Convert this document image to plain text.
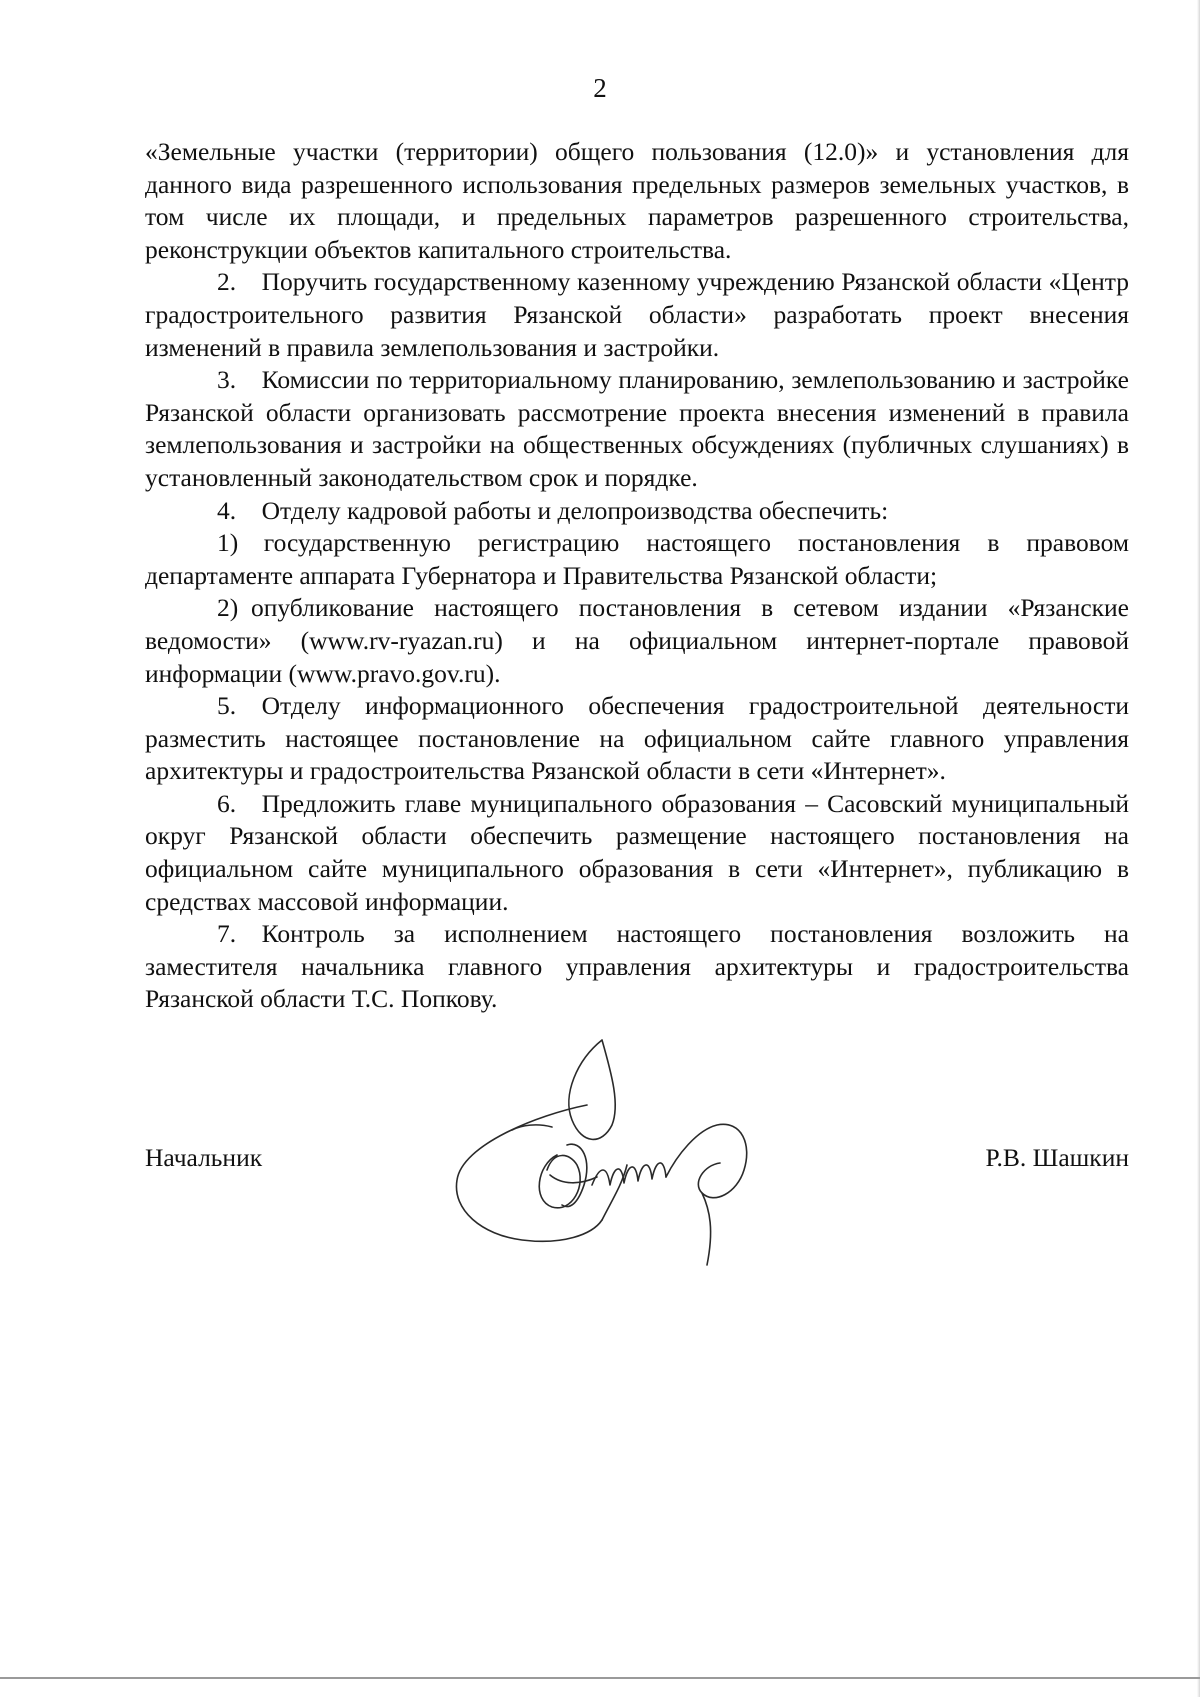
2

«Земельные участки (территории) общего пользования (12.0)» и установления для данного вида разрешенного использования предельных размеров земельных участков, в том числе их площади, и предельных параметров разрешенного строительства, реконструкции объектов капитального строительства.

2. Поручить государственному казенному учреждению Рязанской области «Центр градостроительного развития Рязанской области» разработать проект внесения изменений в правила землепользования и застройки.

3. Комиссии по территориальному планированию, землепользованию и застройке Рязанской области организовать рассмотрение проекта внесения изменений в правила землепользования и застройки на общественных обсуждениях (публичных слушаниях) в установленный законодательством срок и порядке.

4. Отделу кадровой работы и делопроизводства обеспечить:

1) государственную регистрацию настоящего постановления в правовом департаменте аппарата Губернатора и Правительства Рязанской области;

2) опубликование настоящего постановления в сетевом издании «Рязанские ведомости» (www.rv-ryazan.ru) и на официальном интернет-портале правовой информации (www.pravo.gov.ru).

5. Отделу информационного обеспечения градостроительной деятельности разместить настоящее постановление на официальном сайте главного управления архитектуры и градостроительства Рязанской области в сети «Интернет».

6. Предложить главе муниципального образования – Сасовский муниципальный округ Рязанской области обеспечить размещение настоящего постановления на официальном сайте муниципального образования в сети «Интернет», публикацию в средствах массовой информации.

7. Контроль за исполнением настоящего постановления возложить на заместителя начальника главного управления архитектуры и градостроительства Рязанской области Т.С. Попкову.

Начальник	Р.В. Шашкин
